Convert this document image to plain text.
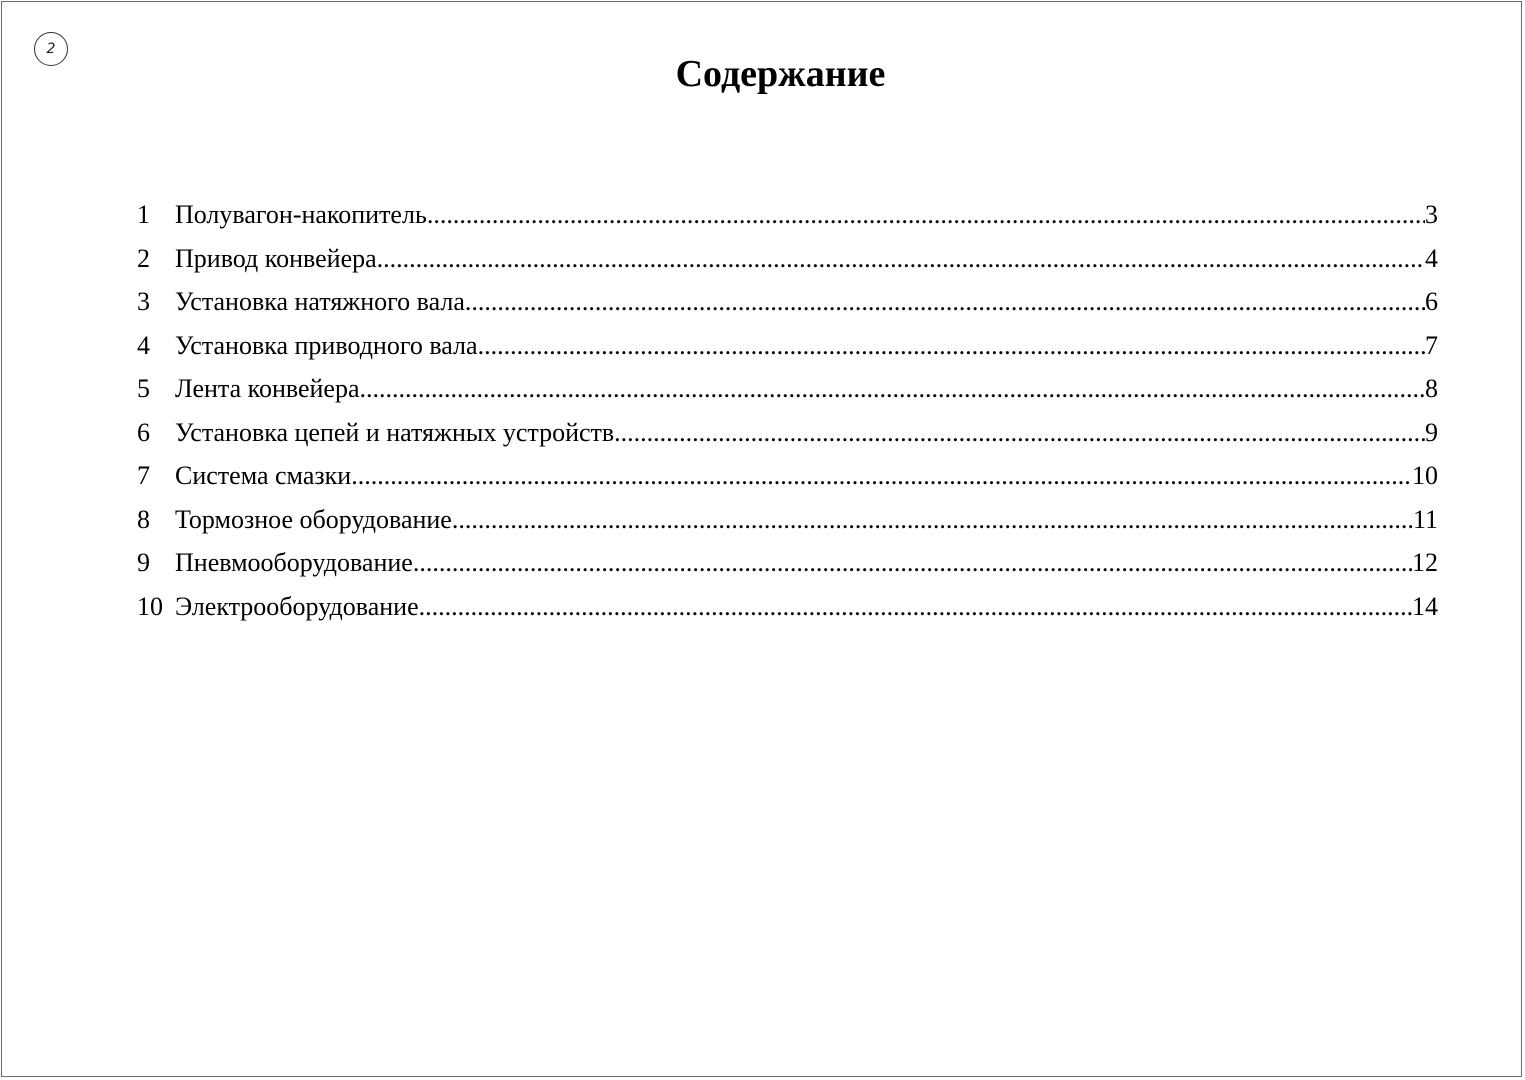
2
Содержание
1 Полувагон-накопитель .....	3
2 Привод конвейера .....	4
3 Установка натяжного вала .....	6
4 Установка приводного вала .....	7
5 Лента конвейера .....	8
6 Установка цепей и натяжных устройств .....	9
7 Система смазки .....	10
8 Тормозное оборудование .....	11
9 Пневмооборудование .....	12
10 Электрооборудование .....	14
